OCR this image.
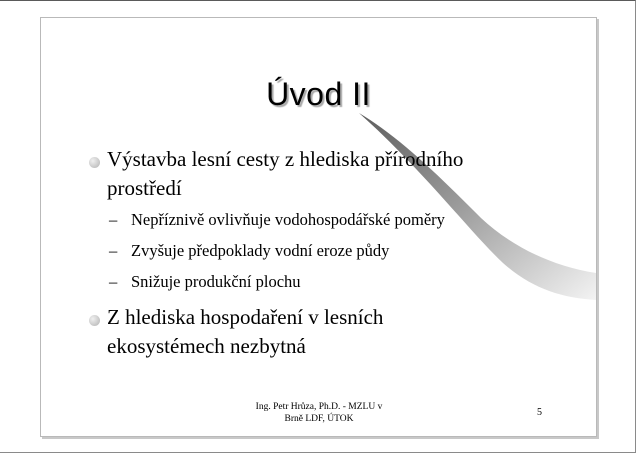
Úvod II
Výstavba lesní cesty z hlediska přírodního
prostředí
– Nepříznivě ovlivňuje vodohospodářské poměry
– Zvyšuje předpoklady vodní eroze půdy
– Snižuje produkční plochu
Z hlediska hospodaření v lesních
ekosystémech nezbytná
Ing. Petr Hrůza, Ph.D. - MZLU v
Brně LDF, ÚTOK
5
